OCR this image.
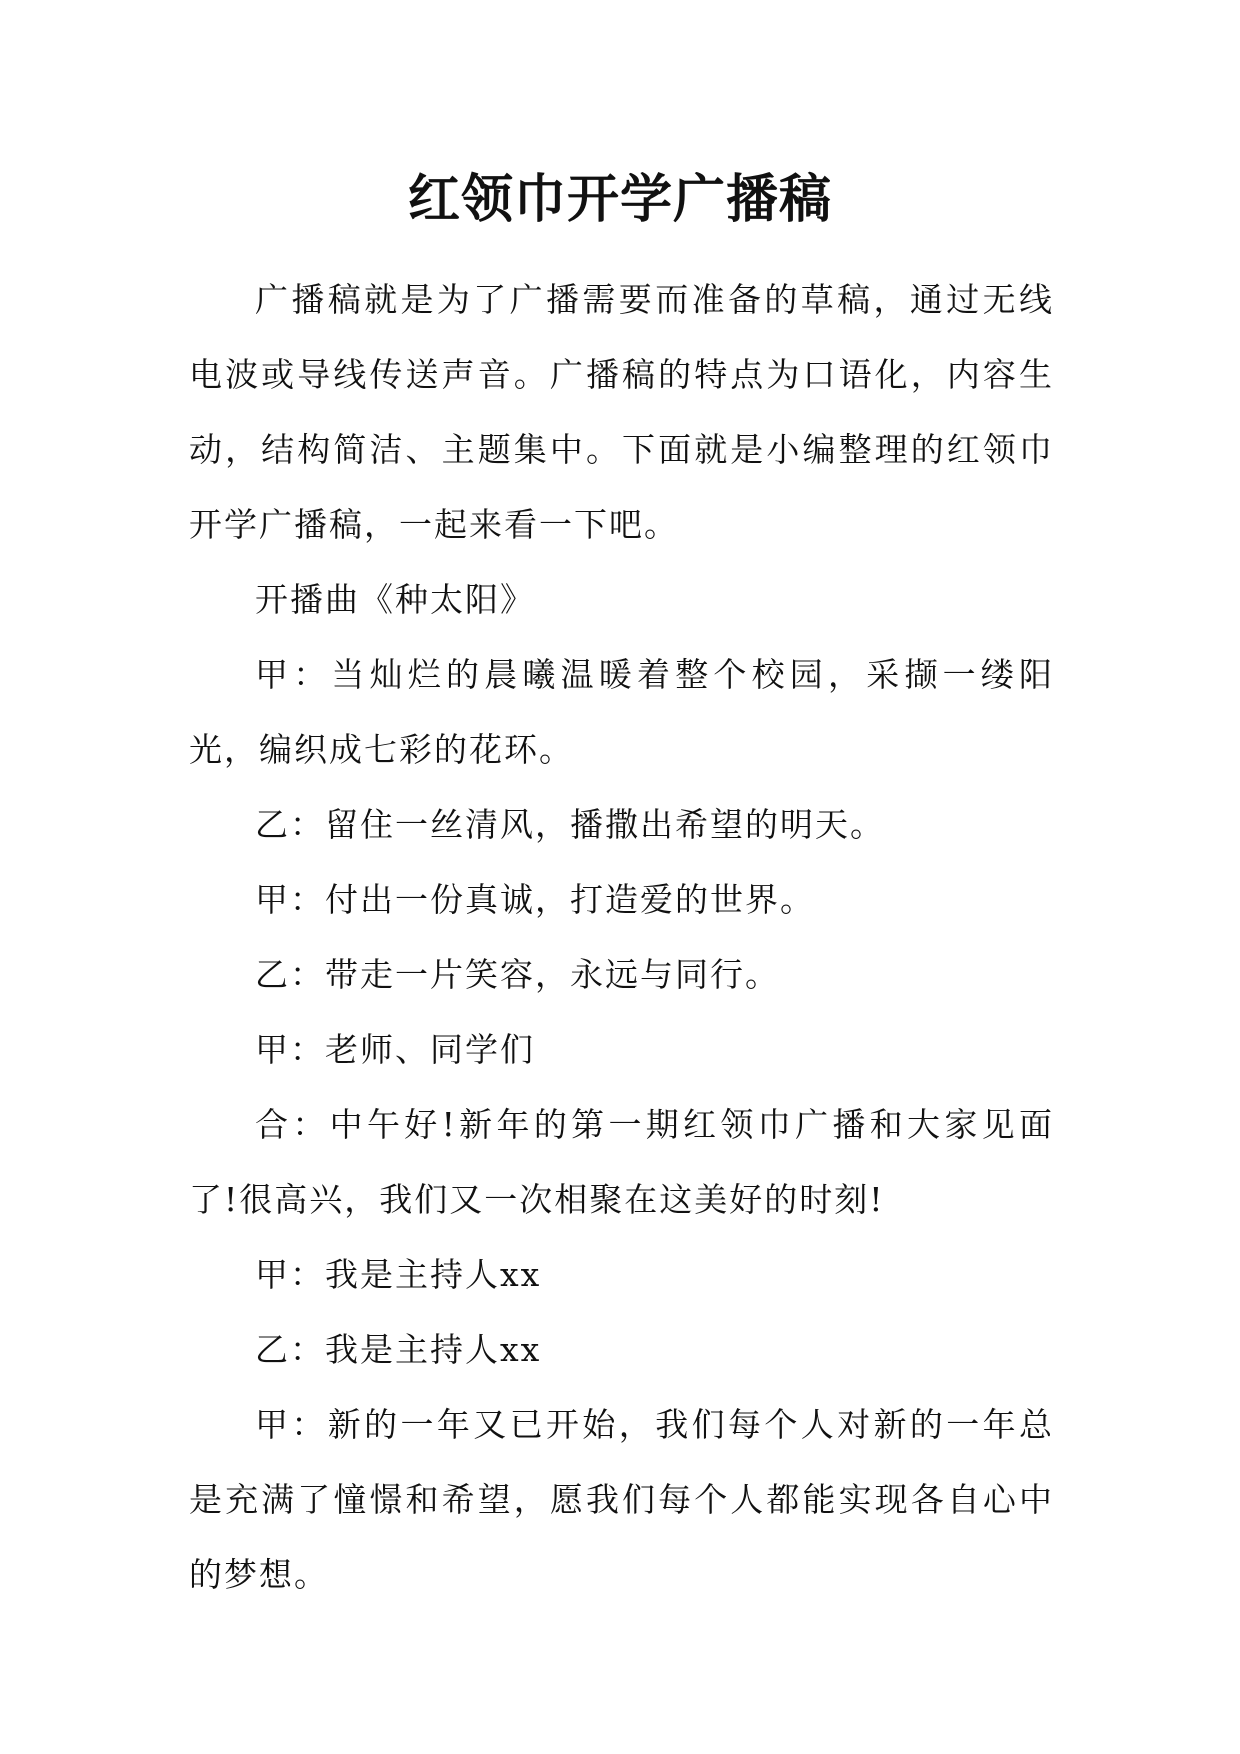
红领巾开学广播稿

广播稿就是为了广播需要而准备的草稿，通过无线电波或导线传送声音。广播稿的特点为口语化，内容生动，结构简洁、主题集中。下面就是小编整理的红领巾开学广播稿，一起来看一下吧。

开播曲《种太阳》

甲：当灿烂的晨曦温暖着整个校园，采撷一缕阳光，编织成七彩的花环。

乙：留住一丝清风，播撒出希望的明天。

甲：付出一份真诚，打造爱的世界。

乙：带走一片笑容，永远与同行。

甲：老师、同学们

合：中午好!新年的第一期红领巾广播和大家见面了!很高兴，我们又一次相聚在这美好的时刻!

甲：我是主持人xx

乙：我是主持人xx

甲：新的一年又已开始，我们每个人对新的一年总是充满了憧憬和希望，愿我们每个人都能实现各自心中的梦想。
